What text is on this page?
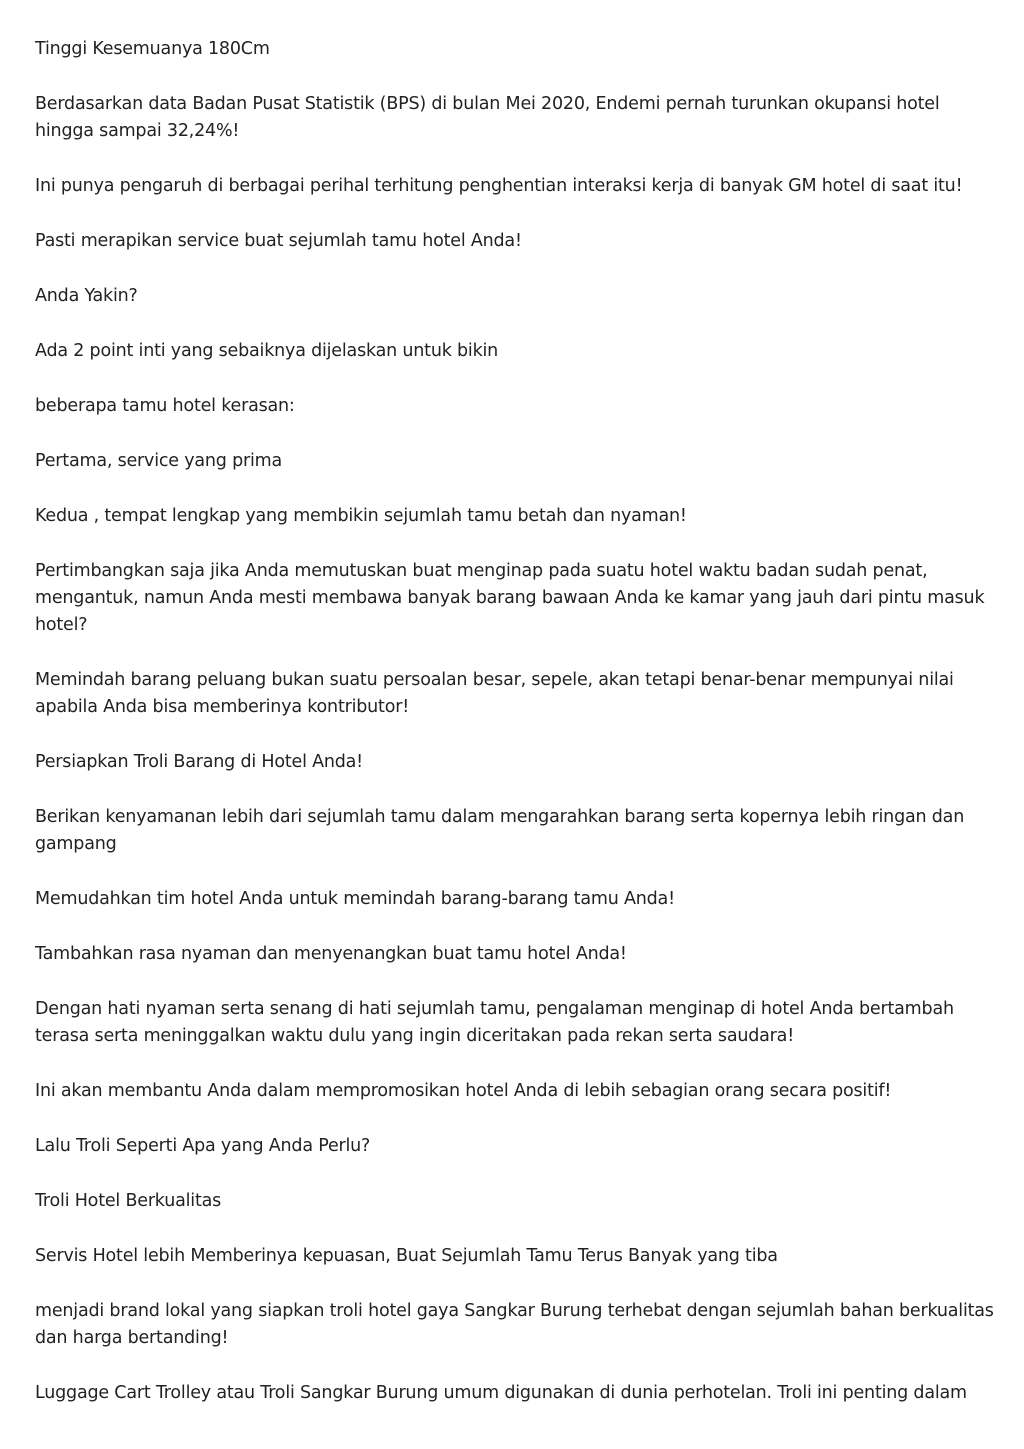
Tinggi Kesemuanya 180Cm

Berdasarkan data Badan Pusat Statistik (BPS) di bulan Mei 2020, Endemi pernah turunkan okupansi hotel hingga sampai 32,24%!

Ini punya pengaruh di berbagai perihal terhitung penghentian interaksi kerja di banyak GM hotel di saat itu!

Pasti merapikan service buat sejumlah tamu hotel Anda!

Anda Yakin?

Ada 2 point inti yang sebaiknya dijelaskan untuk bikin

beberapa tamu hotel kerasan:

Pertama, service yang prima

Kedua , tempat lengkap yang membikin sejumlah tamu betah dan nyaman!

Pertimbangkan saja jika Anda memutuskan buat menginap pada suatu hotel waktu badan sudah penat, mengantuk, namun Anda mesti membawa banyak barang bawaan Anda ke kamar yang jauh dari pintu masuk hotel?

Memindah barang peluang bukan suatu persoalan besar, sepele, akan tetapi benar-benar mempunyai nilai apabila Anda bisa memberinya kontributor!

Persiapkan Troli Barang di Hotel Anda!

Berikan kenyamanan lebih dari sejumlah tamu dalam mengarahkan barang serta kopernya lebih ringan dan gampang

Memudahkan tim hotel Anda untuk memindah barang-barang tamu Anda!

Tambahkan rasa nyaman dan menyenangkan buat tamu hotel Anda!

Dengan hati nyaman serta senang di hati sejumlah tamu, pengalaman menginap di hotel Anda bertambah terasa serta meninggalkan waktu dulu yang ingin diceritakan pada rekan serta saudara!

Ini akan membantu Anda dalam mempromosikan hotel Anda di lebih sebagian orang secara positif!

Lalu Troli Seperti Apa yang Anda Perlu?

Troli Hotel Berkualitas

Servis Hotel lebih Memberinya kepuasan, Buat Sejumlah Tamu Terus Banyak yang tiba

menjadi brand lokal yang siapkan troli hotel gaya Sangkar Burung terhebat dengan sejumlah bahan berkualitas dan harga bertanding!

Luggage Cart Trolley atau Troli Sangkar Burung umum digunakan di dunia perhotelan. Troli ini penting dalam
